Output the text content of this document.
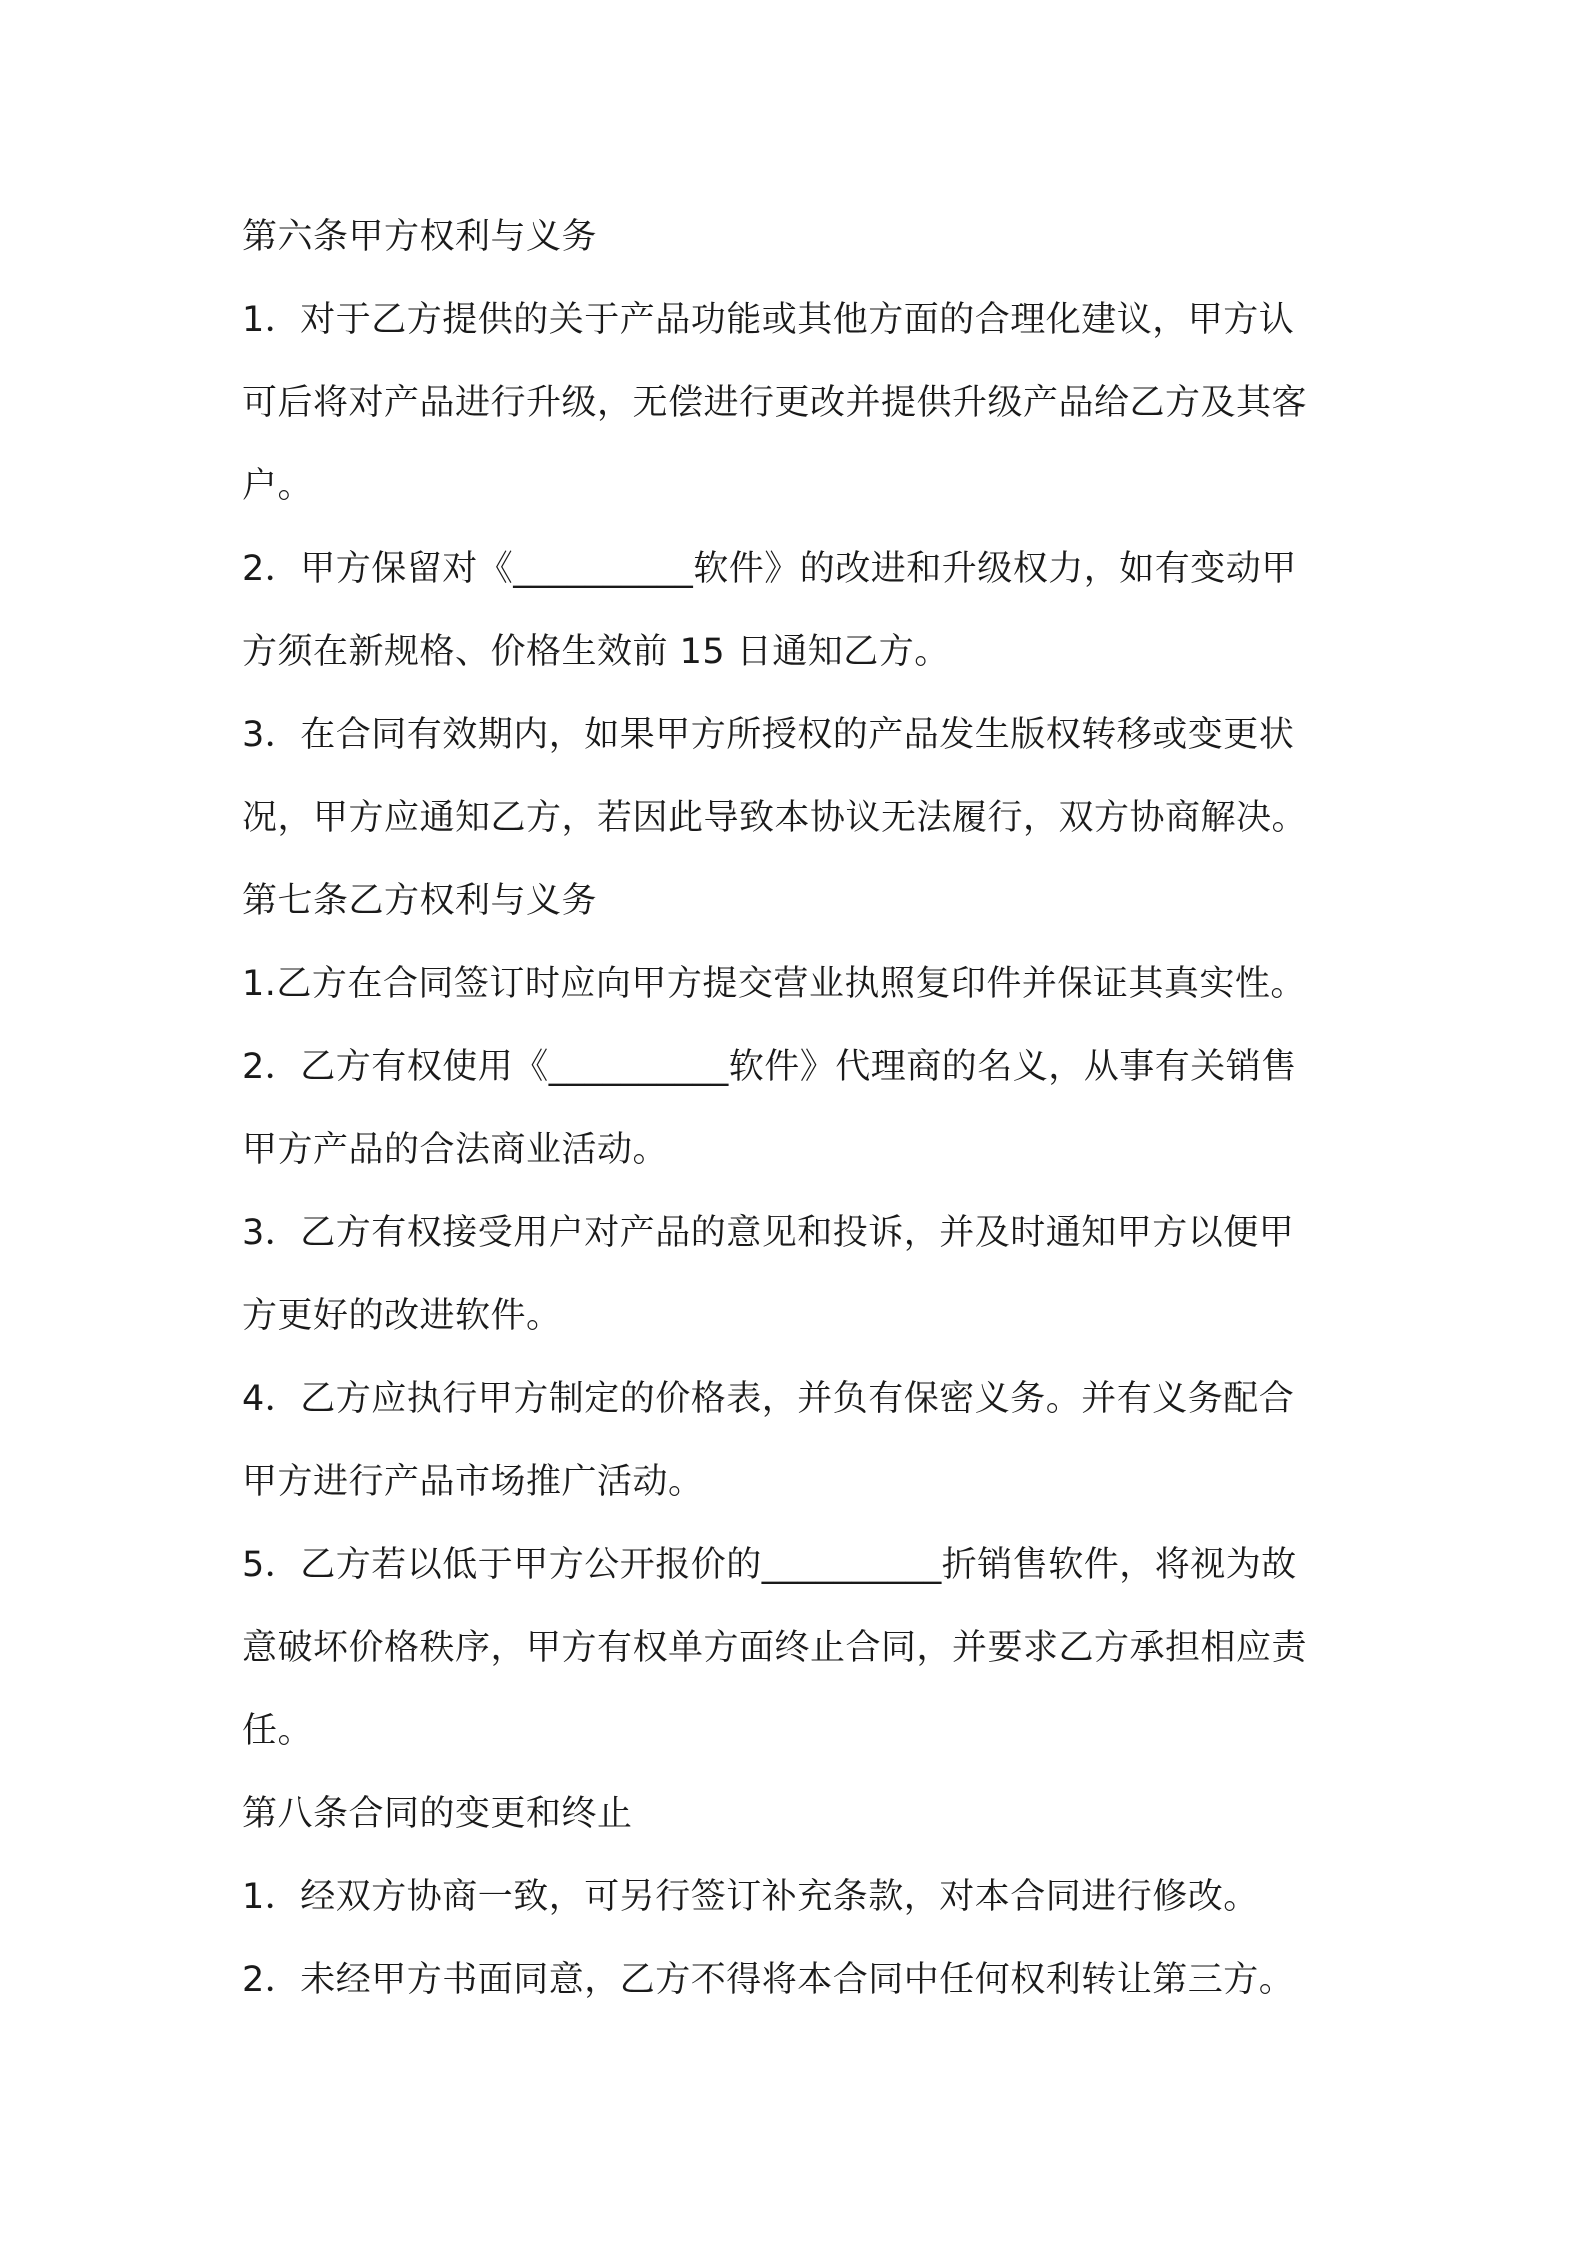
第六条甲方权利与义务
1．对于乙方提供的关于产品功能或其他方面的合理化建议，甲方认
可后将对产品进行升级，无偿进行更改并提供升级产品给乙方及其客
户。
2．甲方保留对《__________软件》的改进和升级权力，如有变动甲
方须在新规格、价格生效前 15 日通知乙方。
3．在合同有效期内，如果甲方所授权的产品发生版权转移或变更状
况，甲方应通知乙方，若因此导致本协议无法履行，双方协商解决。
第七条乙方权利与义务
1.乙方在合同签订时应向甲方提交营业执照复印件并保证其真实性。
2．乙方有权使用《__________软件》代理商的名义，从事有关销售
甲方产品的合法商业活动。
3．乙方有权接受用户对产品的意见和投诉，并及时通知甲方以便甲
方更好的改进软件。
4．乙方应执行甲方制定的价格表，并负有保密义务。并有义务配合
甲方进行产品市场推广活动。
5．乙方若以低于甲方公开报价的__________折销售软件，将视为故
意破坏价格秩序，甲方有权单方面终止合同，并要求乙方承担相应责
任。
第八条合同的变更和终止
1．经双方协商一致，可另行签订补充条款，对本合同进行修改。
2．未经甲方书面同意，乙方不得将本合同中任何权利转让第三方。
